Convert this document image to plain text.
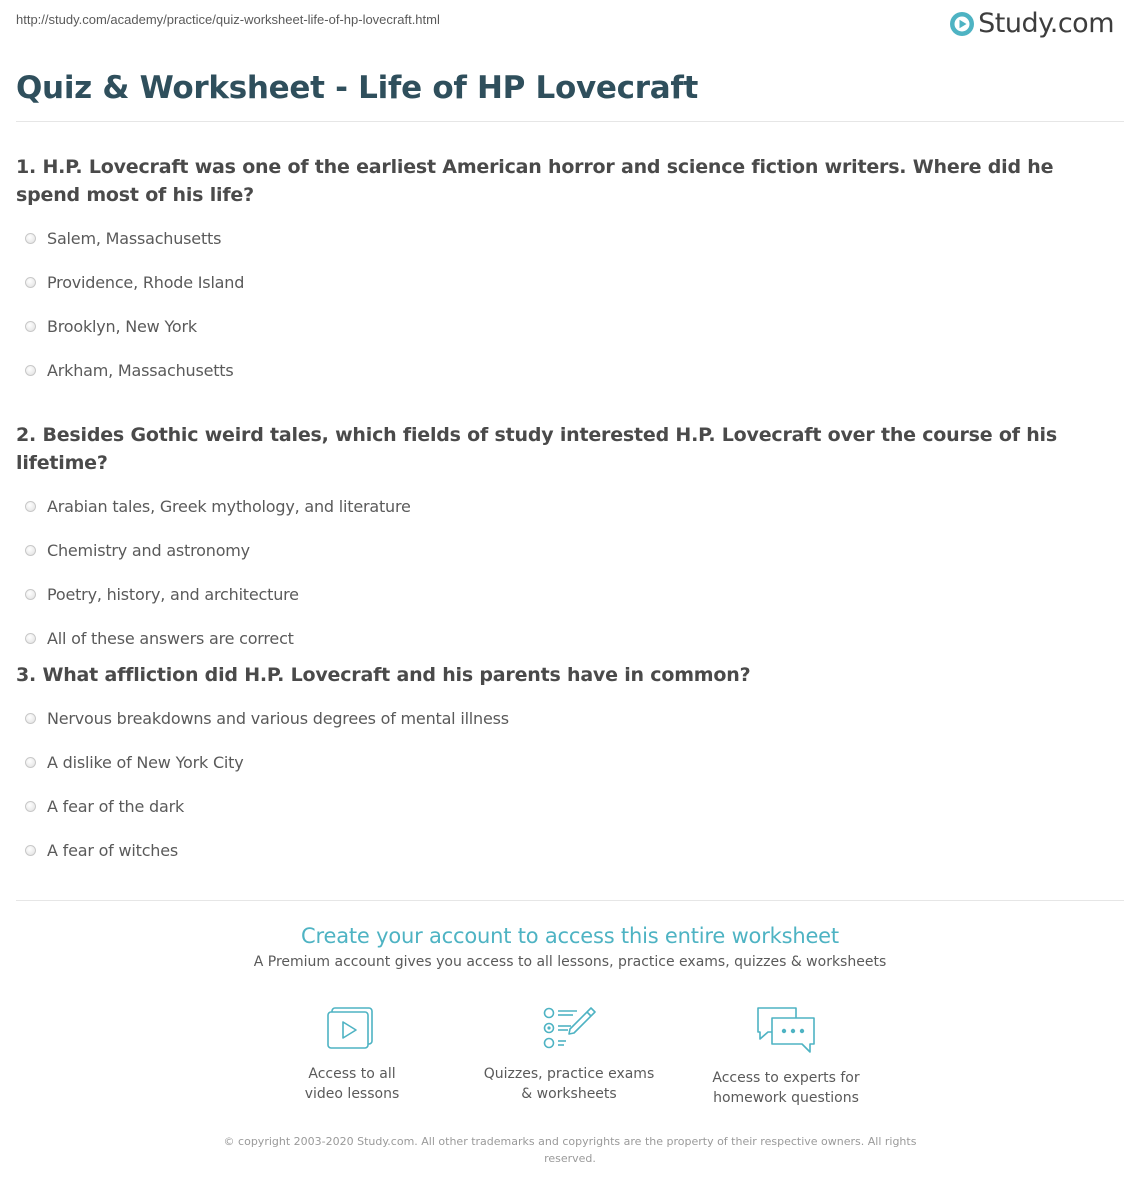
http://study.com/academy/practice/quiz-worksheet-life-of-hp-lovecraft.html	Study.com
Quiz & Worksheet - Life of HP Lovecraft

1. H.P. Lovecraft was one of the earliest American horror and science fiction writers. Where did he spend most of his life?

Salem, Massachusetts
Providence, Rhode Island
Brooklyn, New York
Arkham, Massachusetts

2. Besides Gothic weird tales, which fields of study interested H.P. Lovecraft over the course of his lifetime?

Arabian tales, Greek mythology, and literature
Chemistry and astronomy
Poetry, history, and architecture
All of these answers are correct

3. What affliction did H.P. Lovecraft and his parents have in common?

Nervous breakdowns and various degrees of mental illness
A dislike of New York City
A fear of the dark
A fear of witches
Create your account to access this entire worksheet
A Premium account gives you access to all lessons, practice exams, quizzes & worksheets
Access to all
video lessons
Quizzes, practice exams
& worksheets
Access to experts for
homework questions
© copyright 2003-2020 Study.com. All other trademarks and copyrights are the property of their respective owners. All rights reserved.
